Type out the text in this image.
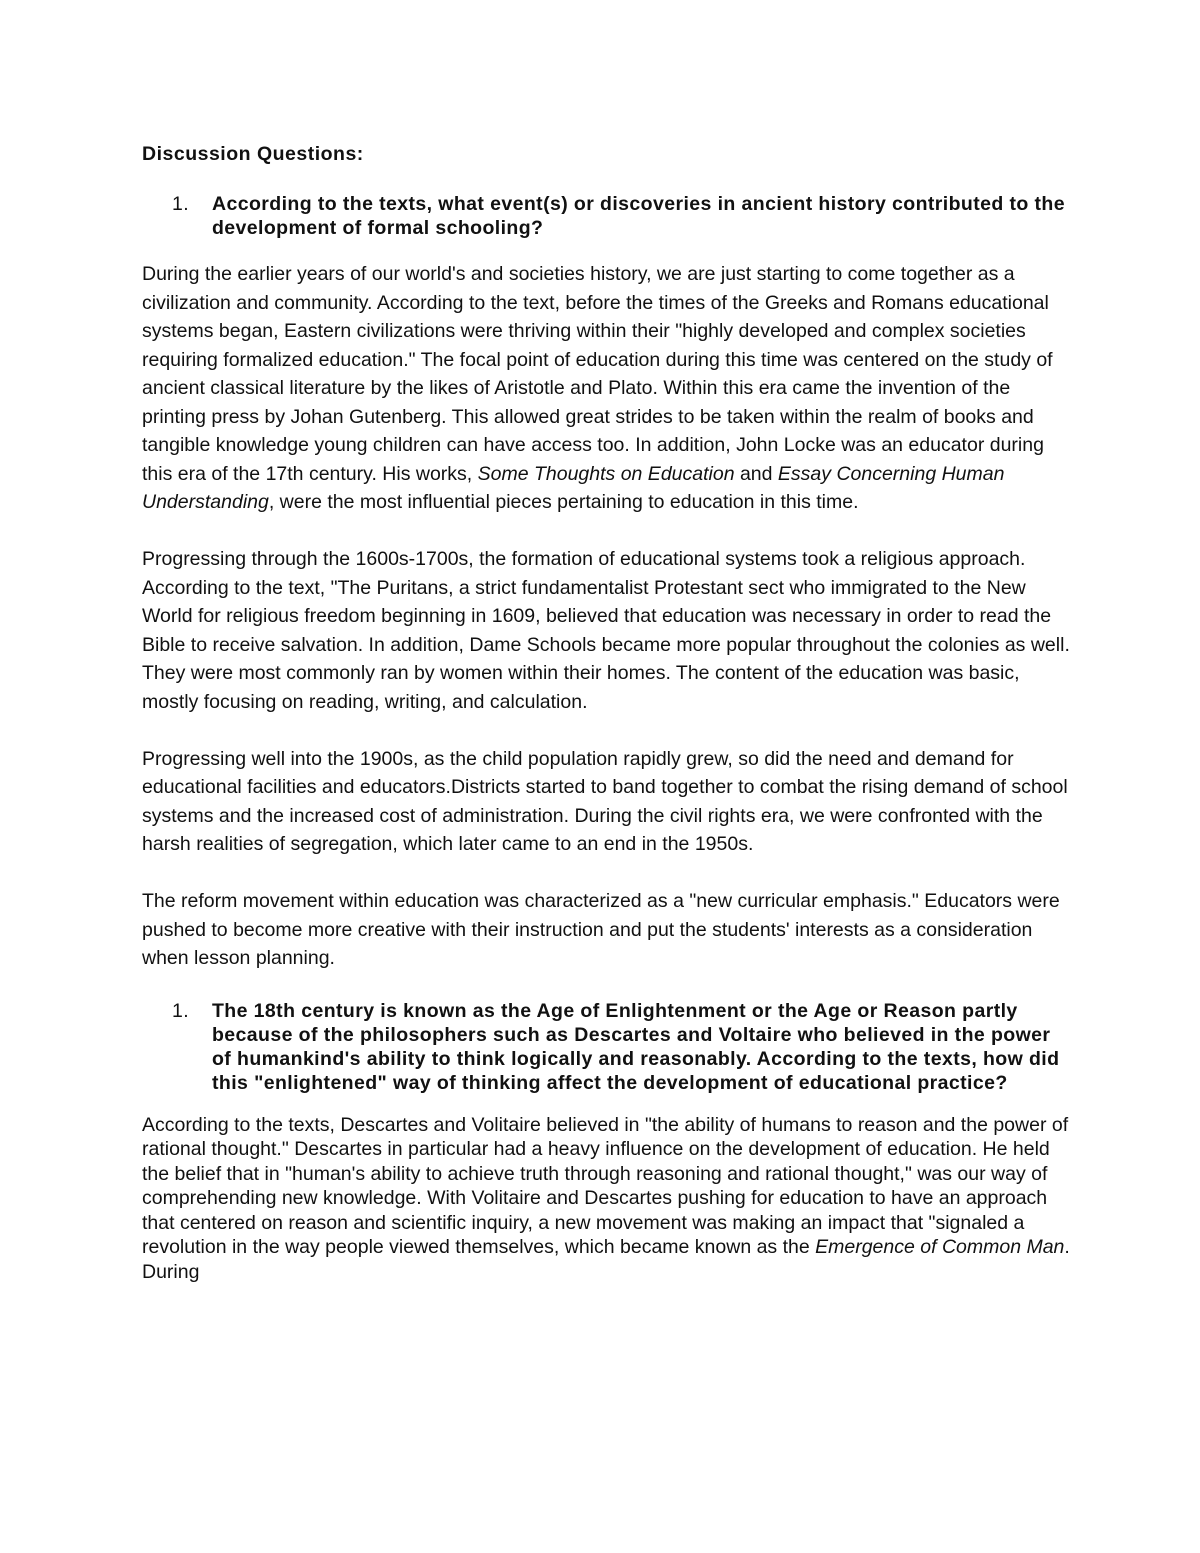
Discussion Questions:
1.	According to the texts, what event(s) or discoveries in ancient history contributed to the development of formal schooling?
During the earlier years of our world's and societies history, we are just starting to come together as a civilization and community. According to the text, before the times of the Greeks and Romans educational systems began, Eastern civilizations were thriving within their "highly developed and complex societies requiring formalized education." The focal point of education during this time was centered on the study of ancient classical literature by the likes of Aristotle and Plato. Within this era came the invention of the printing press by Johan Gutenberg. This allowed great strides to be taken within the realm of books and tangible knowledge young children can have access too. In addition, John Locke was an educator during this era of the 17th century. His works, Some Thoughts on Education and Essay Concerning Human Understanding, were the most influential pieces pertaining to education in this time.
Progressing through the 1600s-1700s, the formation of educational systems took a religious approach. According to the text, "The Puritans, a strict fundamentalist Protestant sect who immigrated to the New World for religious freedom beginning in 1609, believed that education was necessary in order to read the Bible to receive salvation. In addition, Dame Schools became more popular throughout the colonies as well. They were most commonly ran by women within their homes. The content of the education was basic, mostly focusing on reading, writing, and calculation.
Progressing well into the 1900s, as the child population rapidly grew, so did the need and demand for educational facilities and educators.Districts started to band together to combat the rising demand of school systems and the increased cost of administration. During the civil rights era, we were confronted with the harsh realities of segregation, which later came to an end in the 1950s.
The reform movement within education was characterized as a "new curricular emphasis." Educators were pushed to become more creative with their instruction and put the students' interests as a consideration when lesson planning.
1.	The 18th century is known as the Age of Enlightenment or the Age or Reason partly because of the philosophers such as Descartes and Voltaire who believed in the power of humankind's ability to think logically and reasonably. According to the texts, how did this "enlightened" way of thinking affect the development of educational practice?
According to the texts, Descartes and Volitaire believed in "the ability of humans to reason and the power of rational thought." Descartes in particular had a heavy influence on the development of education. He held the belief that in "human's ability to achieve truth through reasoning and rational thought," was our way of comprehending new knowledge. With Volitaire and Descartes pushing for education to have an approach that centered on reason and scientific inquiry, a new movement was making an impact that "signaled a revolution in the way people viewed themselves, which became known as the Emergence of Common Man. During
